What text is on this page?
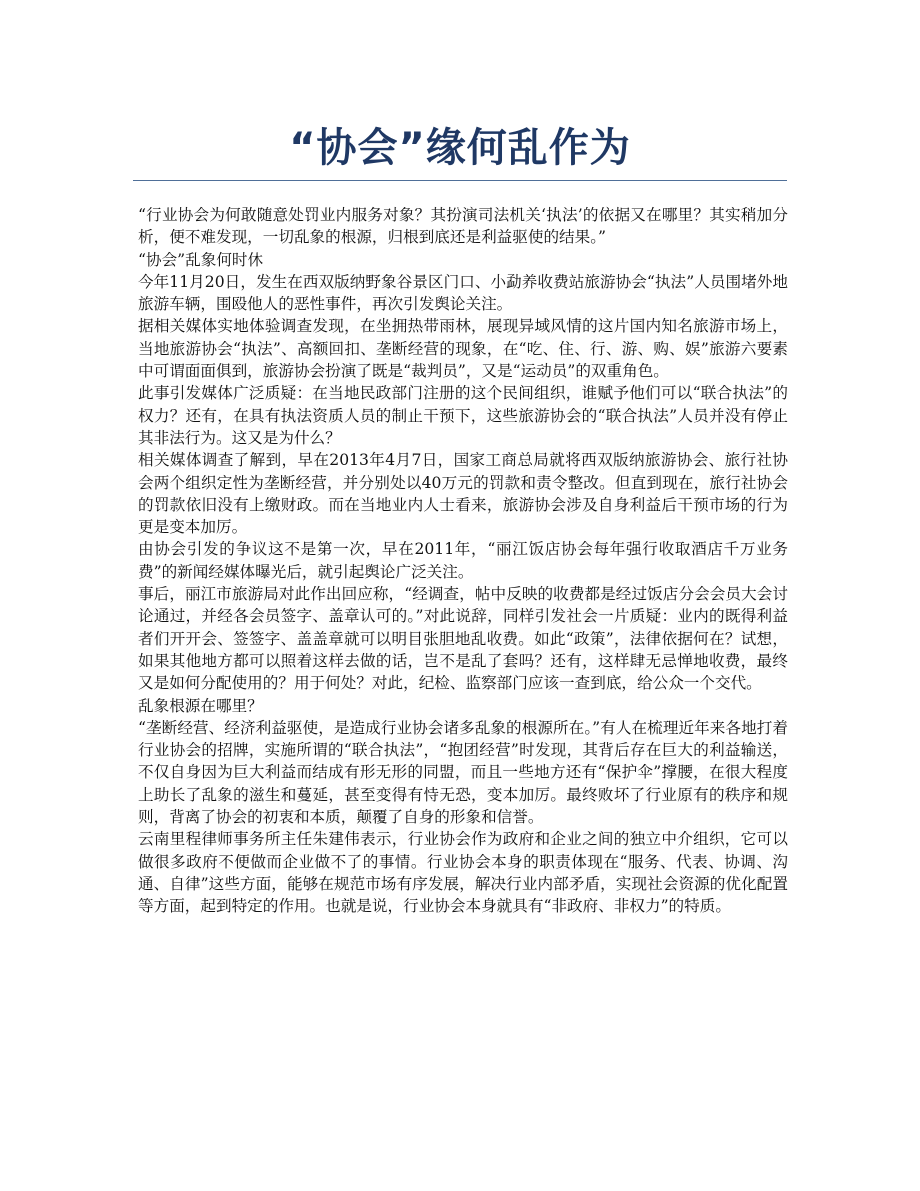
“协会”缘何乱作为

“行业协会为何敢随意处罚业内服务对象？其扮演司法机关‘执法’的依据又在哪里？其实稍加分析，便不难发现，一切乱象的根源，归根到底还是利益驱使的结果。”

“协会”乱象何时休

今年11月20日，发生在西双版纳野象谷景区门口、小勐养收费站旅游协会“执法”人员围堵外地旅游车辆，围殴他人的恶性事件，再次引发舆论关注。

据相关媒体实地体验调查发现，在坐拥热带雨林，展现异域风情的这片国内知名旅游市场上，当地旅游协会“执法”、高额回扣、垄断经营的现象，在“吃、住、行、游、购、娱”旅游六要素中可谓面面俱到，旅游协会扮演了既是“裁判员”，又是“运动员”的双重角色。

此事引发媒体广泛质疑：在当地民政部门注册的这个民间组织，谁赋予他们可以“联合执法”的权力？还有，在具有执法资质人员的制止干预下，这些旅游协会的“联合执法”人员并没有停止其非法行为。这又是为什么？

相关媒体调查了解到，早在2013年4月7日，国家工商总局就将西双版纳旅游协会、旅行社协会两个组织定性为垄断经营，并分别处以40万元的罚款和责令整改。但直到现在，旅行社协会的罚款依旧没有上缴财政。而在当地业内人士看来，旅游协会涉及自身利益后干预市场的行为更是变本加厉。

由协会引发的争议这不是第一次，早在2011年，“丽江饭店协会每年强行收取酒店千万业务费”的新闻经媒体曝光后，就引起舆论广泛关注。

事后，丽江市旅游局对此作出回应称，“经调查，帖中反映的收费都是经过饭店分会会员大会讨论通过，并经各会员签字、盖章认可的。”对此说辞，同样引发社会一片质疑：业内的既得利益者们开开会、签签字、盖盖章就可以明目张胆地乱收费。如此“政策”，法律依据何在？试想，如果其他地方都可以照着这样去做的话，岂不是乱了套吗？还有，这样肆无忌惮地收费，最终又是如何分配使用的？用于何处？对此，纪检、监察部门应该一查到底，给公众一个交代。

乱象根源在哪里？

“垄断经营、经济利益驱使，是造成行业协会诸多乱象的根源所在。”有人在梳理近年来各地打着行业协会的招牌，实施所谓的“联合执法”，“抱团经营”时发现，其背后存在巨大的利益输送，不仅自身因为巨大利益而结成有形无形的同盟，而且一些地方还有“保护伞”撑腰，在很大程度上助长了乱象的滋生和蔓延，甚至变得有恃无恐，变本加厉。最终败坏了行业原有的秩序和规则，背离了协会的初衷和本质，颠覆了自身的形象和信誉。

云南里程律师事务所主任朱建伟表示，行业协会作为政府和企业之间的独立中介组织，它可以做很多政府不便做而企业做不了的事情。行业协会本身的职责体现在“服务、代表、协调、沟通、自律”这些方面，能够在规范市场有序发展，解决行业内部矛盾，实现社会资源的优化配置等方面，起到特定的作用。也就是说，行业协会本身就具有“非政府、非权力”的特质。
